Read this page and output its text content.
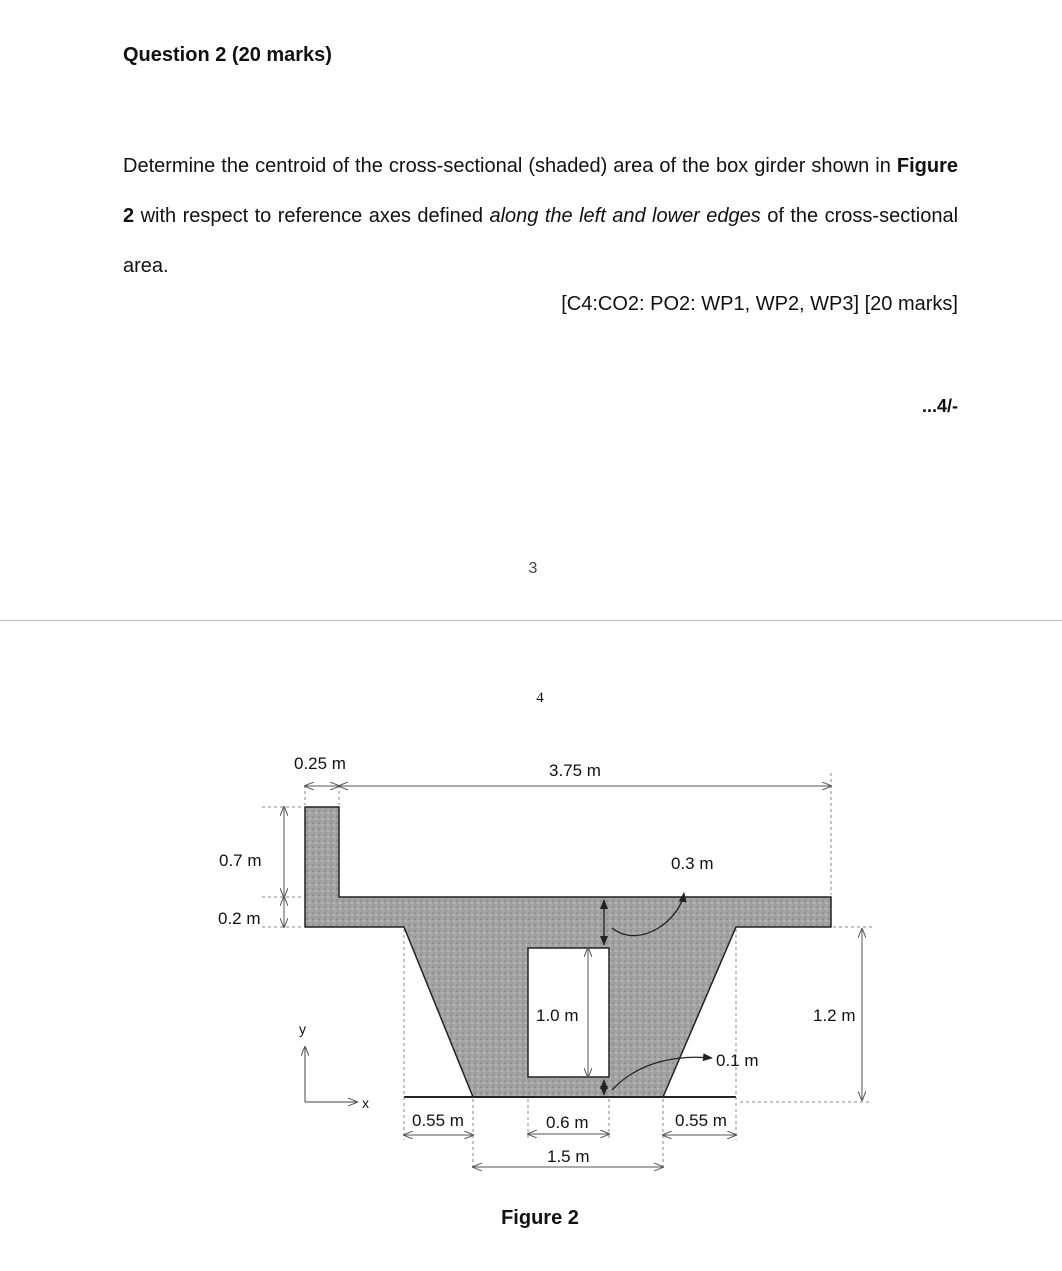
Question 2 (20 marks)
Determine the centroid of the cross-sectional (shaded) area of the box girder shown in Figure 2 with respect to reference axes defined along the left and lower edges of the cross-sectional area.
[C4:CO2: PO2: WP1, WP2, WP3] [20 marks]
...4/-
3
4
0.25 m	3.75 m
0.7 m
0.2 m
0.3 m
1.0 m
0.1 m
1.2 m
0.55 m	0.6 m	0.55 m
1.5 m
y
x
Figure 2
